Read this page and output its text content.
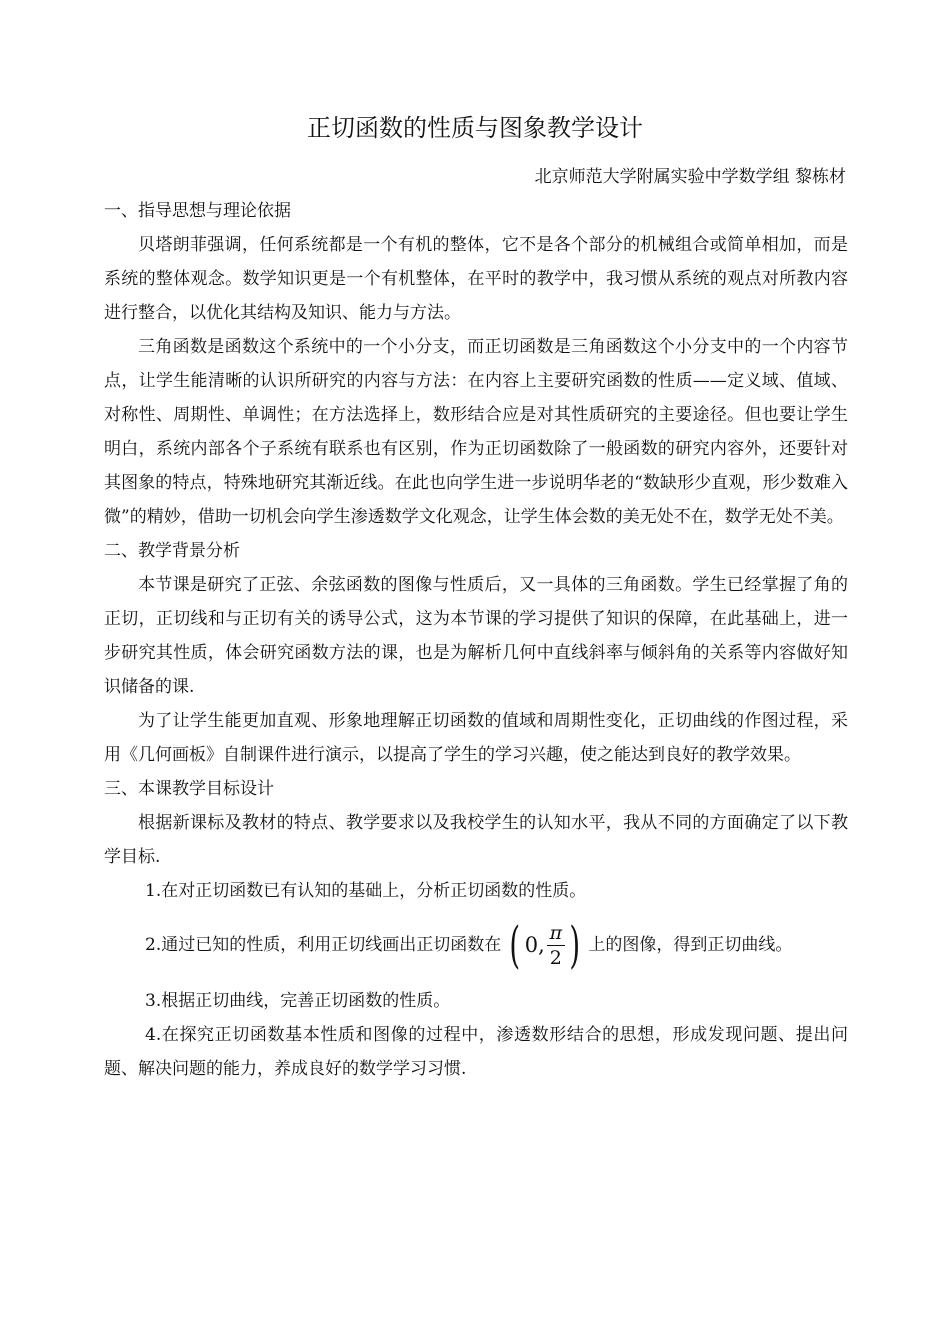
正切函数的性质与图象教学设计
北京师范大学附属实验中学数学组 黎栋材

一、指导思想与理论依据

贝塔朗菲强调，任何系统都是一个有机的整体，它不是各个部分的机械组合或简单相加，而是系统的整体观念。数学知识更是一个有机整体，在平时的教学中，我习惯从系统的观点对所教内容进行整合，以优化其结构及知识、能力与方法。

三角函数是函数这个系统中的一个小分支，而正切函数是三角函数这个小分支中的一个内容节点，让学生能清晰的认识所研究的内容与方法：在内容上主要研究函数的性质——定义域、值域、对称性、周期性、单调性；在方法选择上，数形结合应是对其性质研究的主要途径。但也要让学生明白，系统内部各个子系统有联系也有区别，作为正切函数除了一般函数的研究内容外，还要针对其图象的特点，特殊地研究其渐近线。在此也向学生进一步说明华老的“数缺形少直观，形少数难入微”的精妙，借助一切机会向学生渗透数学文化观念，让学生体会数的美无处不在，数学无处不美。

二、教学背景分析

本节课是研究了正弦、余弦函数的图像与性质后，又一具体的三角函数。学生已经掌握了角的正切，正切线和与正切有关的诱导公式，这为本节课的学习提供了知识的保障，在此基础上，进一步研究其性质，体会研究函数方法的课，也是为解析几何中直线斜率与倾斜角的关系等内容做好知识储备的课.

为了让学生能更加直观、形象地理解正切函数的值域和周期性变化，正切曲线的作图过程，采用《几何画板》自制课件进行演示，以提高了学生的学习兴趣，使之能达到良好的教学效果。

三、本课教学目标设计

根据新课标及教材的特点、教学要求以及我校学生的认知水平，我从不同的方面确定了以下教学目标.

1.在对正切函数已有认知的基础上，分析正切函数的性质。

2.通过已知的性质，利用正切线画出正切函数在 ( 0, $\frac{\pi}{2}$ ) 上的图像，得到正切曲线。

3.根据正切曲线，完善正切函数的性质。

4.在探究正切函数基本性质和图像的过程中，渗透数形结合的思想，形成发现问题、提出问题、解决问题的能力，养成良好的数学学习习惯.
